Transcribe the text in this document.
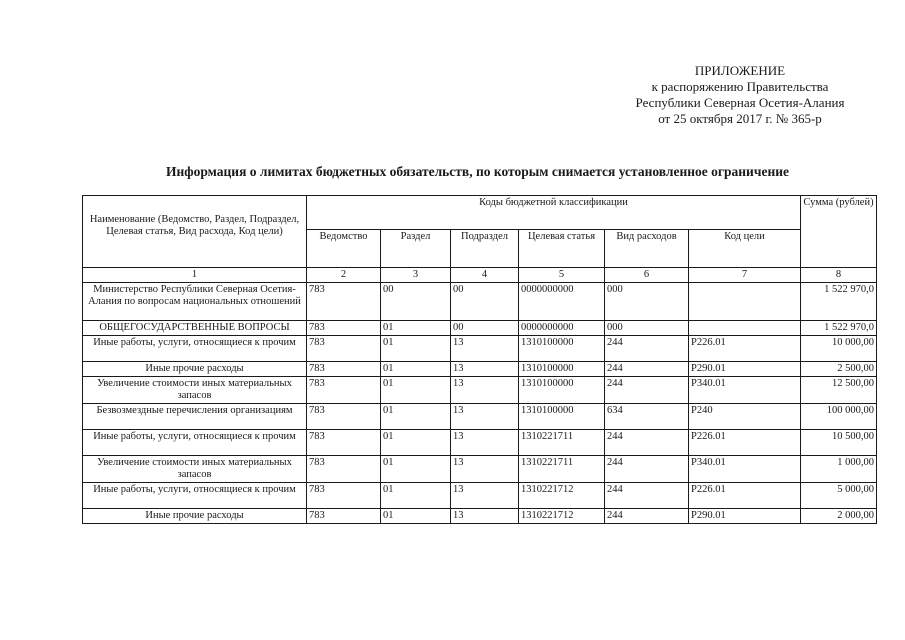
ПРИЛОЖЕНИЕ
к распоряжению Правительства
Республики Северная Осетия-Алания
от 25 октября 2017 г. № 365-р
Информация о лимитах бюджетных обязательств, по которым снимается установленное ограничение
Наименование (Ведомство, Раздел, Подраздел, Целевая статья, Вид расхода, Код цели)	Коды бюджетной классификации						Сумма (рублей)
	Ведомство	Раздел	Подраздел	Целевая статья	Вид расходов	Код цели	
1	2	3	4	5	6	7	8
Министерство Республики Северная Осетия-Алания по вопросам национальных отношений	783	00	00	0000000000	000		1 522 970,0
ОБЩЕГОСУДАРСТВЕННЫЕ ВОПРОСЫ	783	01	00	0000000000	000		1 522 970,0
Иные работы, услуги, относящиеся к прочим	783	01	13	1310100000	244	Р226.01	10 000,00
Иные прочие расходы	783	01	13	1310100000	244	Р290.01	2 500,00
Увеличение стоимости иных материальных запасов	783	01	13	1310100000	244	Р340.01	12 500,00
Безвозмездные перечисления организациям	783	01	13	1310100000	634	Р240	100 000,00
Иные работы, услуги, относящиеся к прочим	783	01	13	1310221711	244	Р226.01	10 500,00
Увеличение стоимости иных материальных запасов	783	01	13	1310221711	244	Р340.01	1 000,00
Иные работы, услуги, относящиеся к прочим	783	01	13	1310221712	244	Р226.01	5 000,00
Иные прочие расходы	783	01	13	1310221712	244	Р290.01	2 000,00
